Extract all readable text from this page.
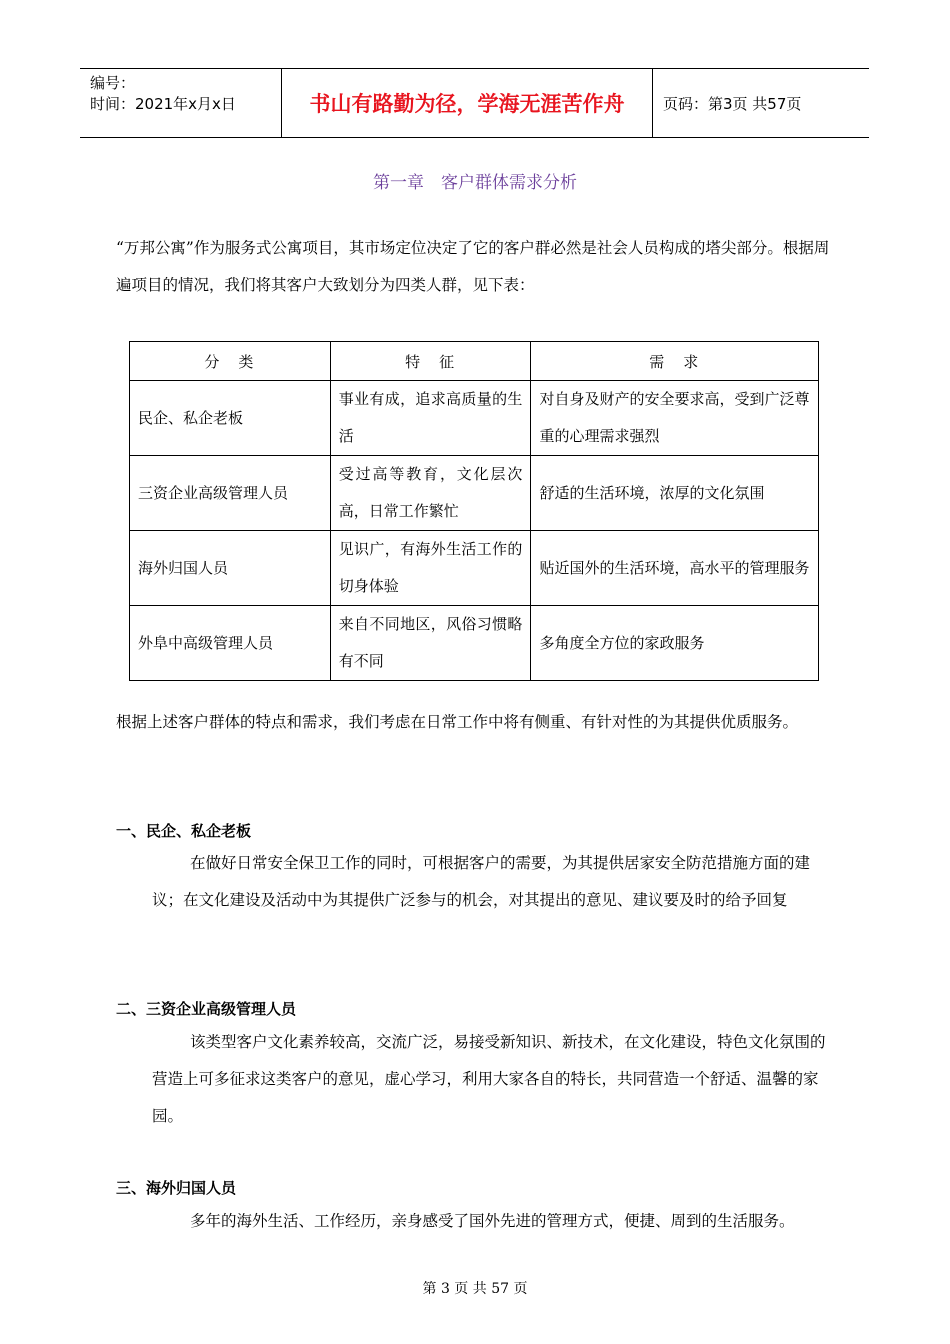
编号：
时间：2021年x月x日	书山有路勤为径，学海无涯苦作舟	页码：第3页 共57页
第一章　客户群体需求分析

“万邦公寓”作为服务式公寓项目，其市场定位决定了它的客户群必然是社会人员构成的塔尖部分。根据周遍项目的情况，我们将其客户大致划分为四类人群，见下表：

分　类	特　征	需　求
民企、私企老板	事业有成，追求高质量的生活	对自身及财产的安全要求高，受到广泛尊重的心理需求强烈
三资企业高级管理人员	受过高等教育，文化层次高，日常工作繁忙	舒适的生活环境，浓厚的文化氛围
海外归国人员	见识广，有海外生活工作的切身体验	贴近国外的生活环境，高水平的管理服务
外阜中高级管理人员	来自不同地区，风俗习惯略有不同	多角度全方位的家政服务

根据上述客户群体的特点和需求，我们考虑在日常工作中将有侧重、有针对性的为其提供优质服务。

一、民企、私企老板

在做好日常安全保卫工作的同时，可根据客户的需要，为其提供居家安全防范措施方面的建议；在文化建设及活动中为其提供广泛参与的机会，对其提出的意见、建议要及时的给予回复

二、三资企业高级管理人员

该类型客户文化素养较高，交流广泛，易接受新知识、新技术，在文化建设，特色文化氛围的营造上可多征求这类客户的意见，虚心学习，利用大家各自的特长，共同营造一个舒适、温馨的家园。

三、海外归国人员

多年的海外生活、工作经历，亲身感受了国外先进的管理方式，便捷、周到的生活服务。

第 3 页 共 57 页
